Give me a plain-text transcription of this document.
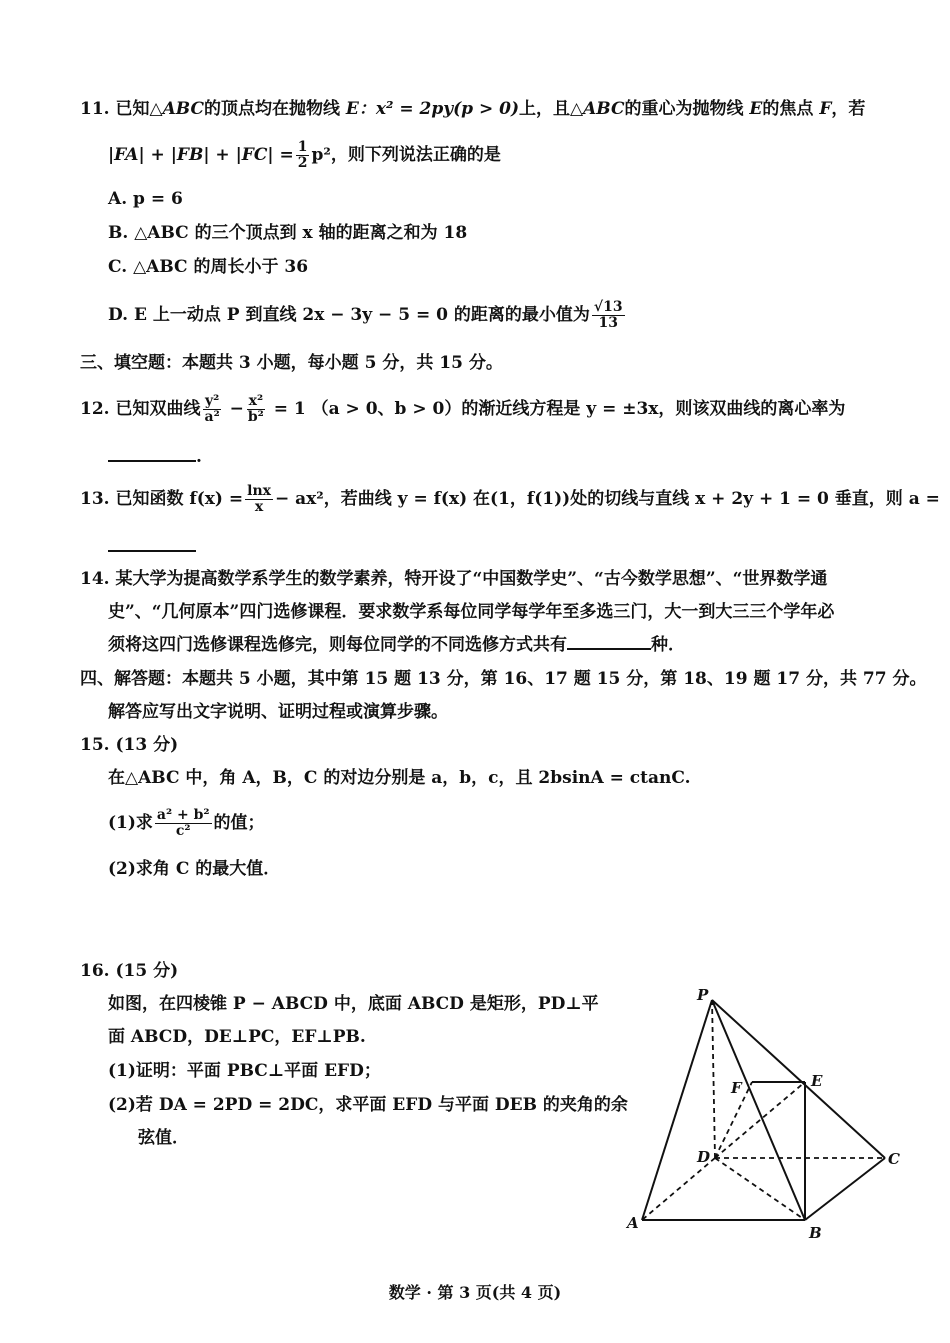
11. 已知△ABC的顶点均在抛物线 E：x² = 2py(p > 0)上，且△ABC的重心为抛物线 E的焦点 F，若
$|FA| + |FB| + |FC| = \frac{1}{2} p^2$，则下列说法正确的是
A. p = 6
B. △ABC 的三个顶点到 x 轴的距离之和为 18
C. △ABC 的周长小于 36
D. E 上一动点 P 到直线 2x − 3y − 5 = 0 的距离的最小值为 $\frac{√13}{13}$
三、填空题：本题共 3 小题，每小题 5 分，共 15 分。
12. 已知双曲线 $\frac{\text{y²}}{\text{a²}} - \frac{\text{x²}}{\text{b²}} = 1$ （a > 0、b > 0）的渐近线方程是 y = ±3x，则该双曲线的离心率为
.
13. 已知函数 $f(x) = \frac{\ln x}{x} - ax^2$，若曲线 y = f(x) 在(1，f(1))处的切线与直线 x + 2y + 1 = 0 垂直，则 a =
14. 某大学为提高数学系学生的数学素养，特开设了“中国数学史”、“古今数学思想”、“世界数学通
史”、“几何原本”四门选修课程．要求数学系每位同学每学年至多选三门，大一到大三三个学年必
须将这四门选修课程选修完，则每位同学的不同选修方式共有	种．
四、解答题：本题共 5 小题，其中第 15 题 13 分，第 16、17 题 15 分，第 18、19 题 17 分，共 77 分。
解答应写出文字说明、证明过程或演算步骤。
15. (13 分)
在△ABC 中，角 A，B，C 的对边分别是 a，b，c，且 2bsinA = ctanC.
(1)求 $\frac{\text{a² + b²}}{\text{c²}}$ 的值；
(2)求角 C 的最大值．
16. (15 分)
如图，在四棱锥 P − ABCD 中，底面 ABCD 是矩形，PD⊥平
面 ABCD，DE⊥PC，EF⊥PB.
(1)证明：平面 PBC⊥平面 EFD；
(2)若 DA = 2PD = 2DC，求平面 EFD 与平面 DEB 的夹角的余
弦值．
P
F	E
D	C
A
B
数学 · 第 3 页(共 4 页)
